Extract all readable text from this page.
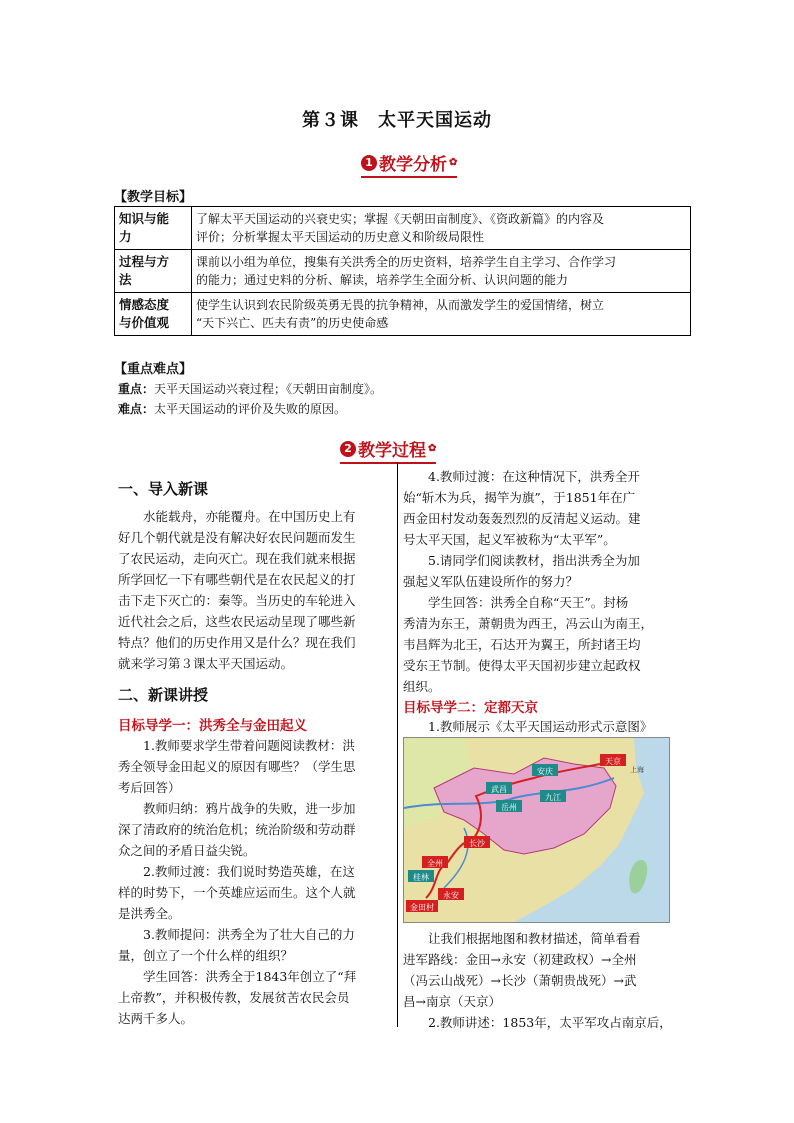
第３课　太平天国运动
1 教学分析 ✿
【教学目标】
知识与能
力	了解太平天国运动的兴衰史实；掌握《天朝田亩制度》、《资政新篇》的内容及
评价；分析掌握太平天国运动的历史意义和阶级局限性
过程与方
法	课前以小组为单位，搜集有关洪秀全的历史资料，培养学生自主学习、合作学习
的能力；通过史料的分析、解读，培养学生全面分析、认识问题的能力
情感态度
与价值观	使学生认识到农民阶级英勇无畏的抗争精神，从而激发学生的爱国情绪，树立
“天下兴亡、匹夫有责”的历史使命感
【重点难点】
重点：天平天国运动兴衰过程；《天朝田亩制度》。
难点：太平天国运动的评价及失败的原因。
2 教学过程 ✿
一、导入新课

水能载舟，亦能覆舟。在中国历史上有

好几个朝代就是没有解决好农民问题而发生
了农民运动，走向灭亡。现在我们就来根据
所学回忆一下有哪些朝代是在农民起义的打
击下走下灭亡的：秦等。当历史的车轮进入
近代社会之后，这些农民运动呈现了哪些新
特点？他们的历史作用又是什么？现在我们
就来学习第３课太平天国运动。
二、新课讲授
目标导学一：洪秀全与金田起义

1.教师要求学生带着问题阅读教材：洪

秀全领导金田起义的原因有哪些？（学生思
考后回答）

教师归纳：鸦片战争的失败，进一步加

深了清政府的统治危机；统治阶级和劳动群
众之间的矛盾日益尖锐。

2.教师过渡：我们说时势造英雄，在这

样的时势下，一个英雄应运而生。这个人就
是洪秀全。

3.教师提问：洪秀全为了壮大自己的力

量，创立了一个什么样的组织？

学生回答：洪秀全于1843年创立了“拜

上帝教”，并积极传教，发展贫苦农民会员
达两千多人。

4.教师过渡：在这种情况下，洪秀全开

始“斩木为兵，揭竿为旗”，于1851年在广
西金田村发动轰轰烈烈的反清起义运动。建
号太平天国，起义军被称为“太平军”。

5.请同学们阅读教材，指出洪秀全为加

强起义军队伍建设所作的努力？

学生回答：洪秀全自称“天王”。封杨

秀清为东王，萧朝贵为西王，冯云山为南王，
韦昌辉为北王，石达开为翼王，所封诸王均
受东王节制。使得太平天国初步建立起政权
组织。
目标导学二：定都天京

1.教师展示《太平天国运动形式示意图》

天京
安庆
武昌
九江
岳州
长沙
全州
桂林
永安
金田村
上海

让我们根据地图和教材描述，简单看看

进军路线：金田→永安（初建政权）→全州
（冯云山战死）→长沙（萧朝贵战死）→武
昌→南京（天京）

2.教师讲述：1853年，太平军攻占南京后，
